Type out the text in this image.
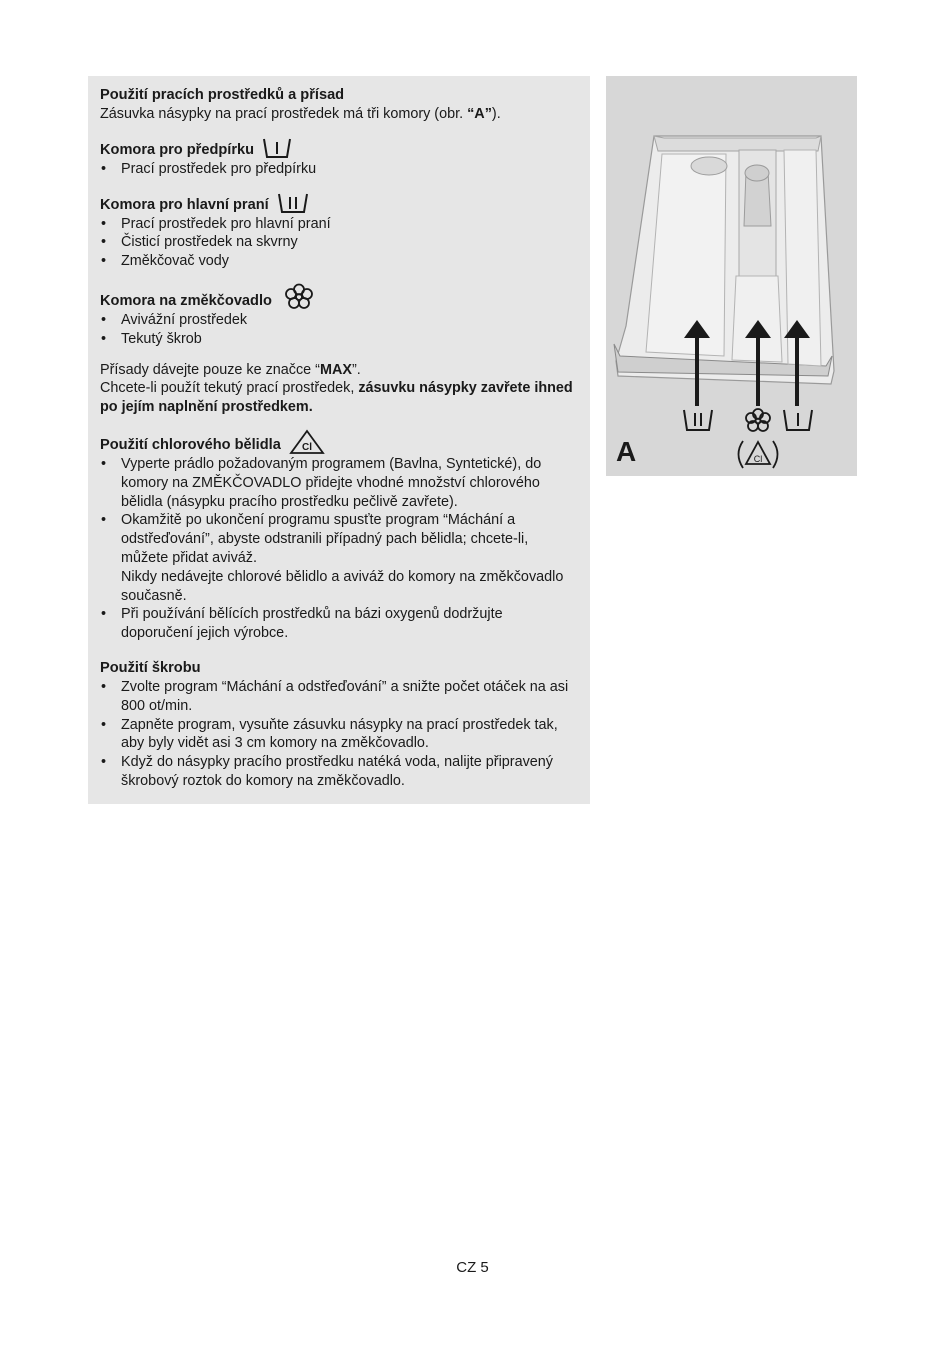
Použití pracích prostředků a přísad

Zásuvka násypky na prací prostředek má tři komory (obr. “A”).

Komora pro předpírku
• Prací prostředek pro předpírku
Komora pro hlavní praní
• Prací prostředek pro hlavní praní
• Čisticí prostředek na skvrny
• Změkčovač vody
Komora na změkčovadlo
• Avivážní prostředek
• Tekutý škrob

Přísady dávejte pouze ke značce “MAX”.
Chcete-li použít tekutý prací prostředek, zásuvku násypky zavřete ihned po jejím naplnění prostředkem.

Použití chlorového bělidla Cl
• Vyperte prádlo požadovaným programem (Bavlna, Syntetické), do komory na ZMĚKČOVADLO přidejte vhodné množství chlorového bělidla (násypku pracího prostředku pečlivě zavřete).
• Okamžitě po ukončení programu spusťte program “Máchání a odstřeďování”, abyste odstranili případný pach bělidla; chcete-li, můžete přidat aviváž.
Nikdy nedávejte chlorové bělidlo a aviváž do komory na změkčovadlo současně.
• Při používání bělících prostředků na bázi oxygenů dodržujte doporučení jejich výrobce.
Použití škrobu
• Zvolte program “Máchání a odstřeďování” a snižte počet otáček na asi 800 ot/min.
• Zapněte program, vysuňte zásuvku násypky na prací prostředek tak, aby byly vidět asi 3 cm komory na změkčovadlo.
• Když do násypky pracího prostředku natéká voda, nalijte připravený škrobový roztok do komory na změkčovadlo.
Cl
A
CZ 5
